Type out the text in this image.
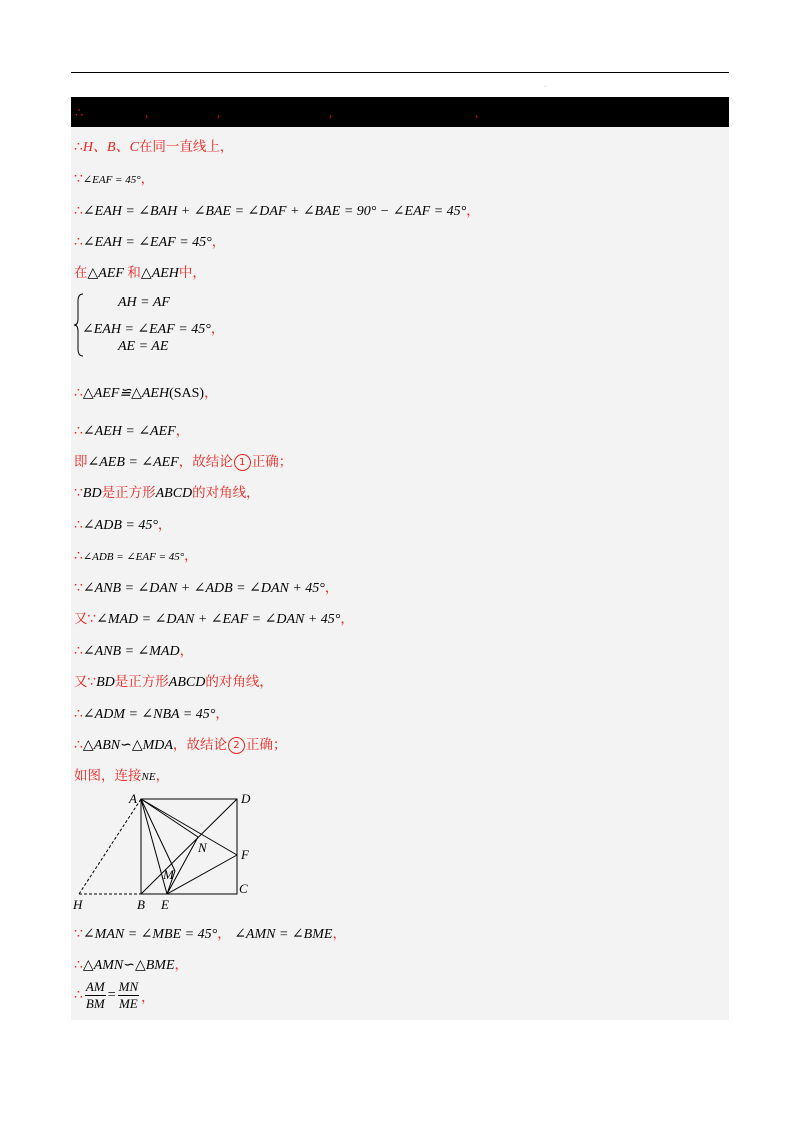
·
∴	,	,	,	,
∴H、B、C在同一直线上，
∵∠EAF = 45°，
∴∠EAH = ∠BAH + ∠BAE = ∠DAF + ∠BAE = 90° − ∠EAF = 45°，
∴∠EAH = ∠EAF = 45°，
在△AEF 和△AEH中，
AH = AF
∠EAH = ∠EAF = 45°，
AE = AE
∴△AEF≌△AEH(SAS)，
∴∠AEH = ∠AEF，
即∠AEB = ∠AEF，故结论 1 正确；
∵BD是正方形ABCD的对角线，
∴∠ADB = 45°，
∴∠ADB = ∠EAF = 45°，
∵∠ANB = ∠DAN + ∠ADB = ∠DAN + 45°，
又∵∠MAD = ∠DAN + ∠EAF = ∠DAN + 45°，
∴∠ANB = ∠MAD，
又∵BD是正方形ABCD的对角线，
∴∠ADM = ∠NBA = 45°，
∴△ABN∽△MDA，故结论 2 正确；
如图，连接NE，
A	D
F
C
N
M
B E
H
∵∠MAN = ∠MBE = 45°， ∠AMN = ∠BME，
∴△AMN∽△BME，
∴ $\frac{AM}{BM} = \frac{MN}{ME}$ ，
